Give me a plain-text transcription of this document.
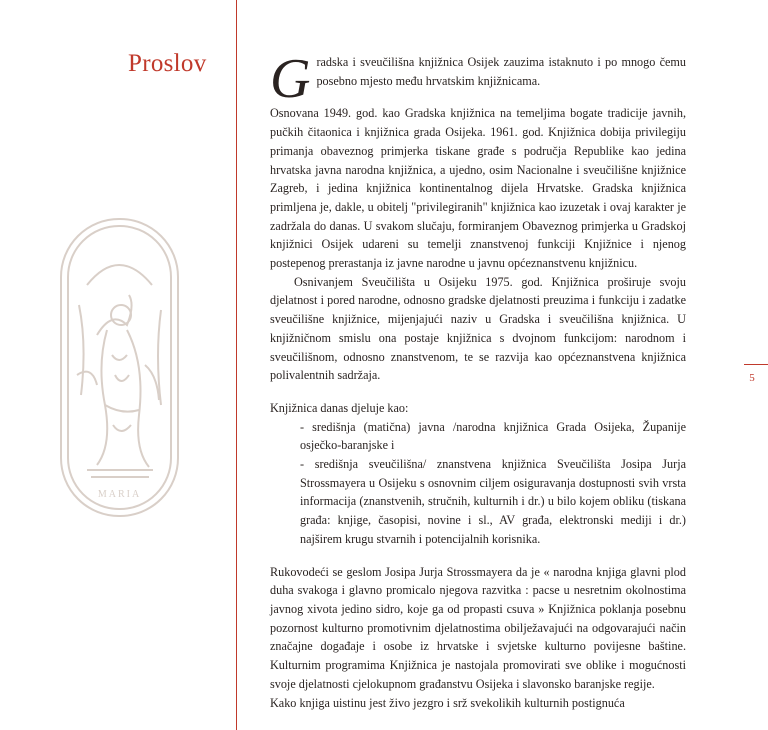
Proslov
MARIA
5

Gradska i sveučilišna knjižnica Osijek zauzima istaknuto i po mnogo čemu posebno mjesto među hrvatskim knjižnicama.

Osnovana 1949. god. kao Gradska knjižnica na temeljima bogate tradicije javnih, pučkih čitaonica i knjižnica grada Osijeka. 1961. god. Knjižnica dobija privilegiju primanja obaveznog primjerka tiskane građe s područja Republike kao jedina hrvatska javna narodna knjižnica, a ujedno, osim Nacionalne i sveučilišne knjižnice Zagreb, i jedina knjižnica kontinentalnog dijela Hrvatske. Gradska knjižnica primljena je, dakle, u obitelj "privilegiranih" knjižnica kao izuzetak i ovaj karakter je zadržala do danas. U svakom slučaju, formiranjem Obaveznog primjerka u Gradskoj knjižnici Osijek udareni su temelji znanstvenoj funkciji Knjižnice i njenog postepenog prerastanja iz javne narodne u javnu općeznanstvenu knjižnicu.

Osnivanjem Sveučilišta u Osijeku 1975. god. Knjižnica proširuje svoju djelatnost i pored narodne, odnosno gradske djelatnosti preuzima i funkciju i zadatke sveučilišne knjižnice, mijenjajući naziv u Gradska i sveučilišna knjižnica. U knjižničnom smislu ona postaje knjižnica s dvojnom funkcijom: narodnom i sveučilišnom, odnosno znanstvenom, te se razvija kao općeznanstvena knjižnica polivalentnih sadržaja.

Knjižnica danas djeluje kao:

- središnja (matična) javna /narodna knjižnica Grada Osijeka, Županije osječko-baranjske i

- središnja sveučilišna/ znanstvena knjižnica Sveučilišta Josipa Jurja Strossmayera u Osijeku s osnovnim ciljem osiguravanja dostupnosti svih vrsta informacija (znanstvenih, stručnih, kulturnih i dr.) u bilo kojem obliku (tiskana građa: knjige, časopisi, novine i sl., AV građa, elektronski mediji i dr.) najširem krugu stvarnih i potencijalnih korisnika.

Rukovodeći se geslom Josipa Jurja Strossmayera da je « narodna knjiga glavni plod duha svakoga i glavno promicalo njegova razvitka : pacse u nesretnim okolnostima javnog xivota jedino sidro, koje ga od propasti csuva » Knjižnica poklanja posebnu pozornost kulturno promotivnim djelatnostima obilježavajući na odgovarajući način značajne događaje i osobe iz hrvatske i svjetske kulturno povijesne baštine. Kulturnim programima Knjižnica je nastojala promovirati sve oblike i mogućnosti svoje djelatnosti cjelokupnom građanstvu Osijeka i slavonsko baranjske regije.

Kako knjiga uistinu jest živo jezgro i srž svekolikih kulturnih postignuća
